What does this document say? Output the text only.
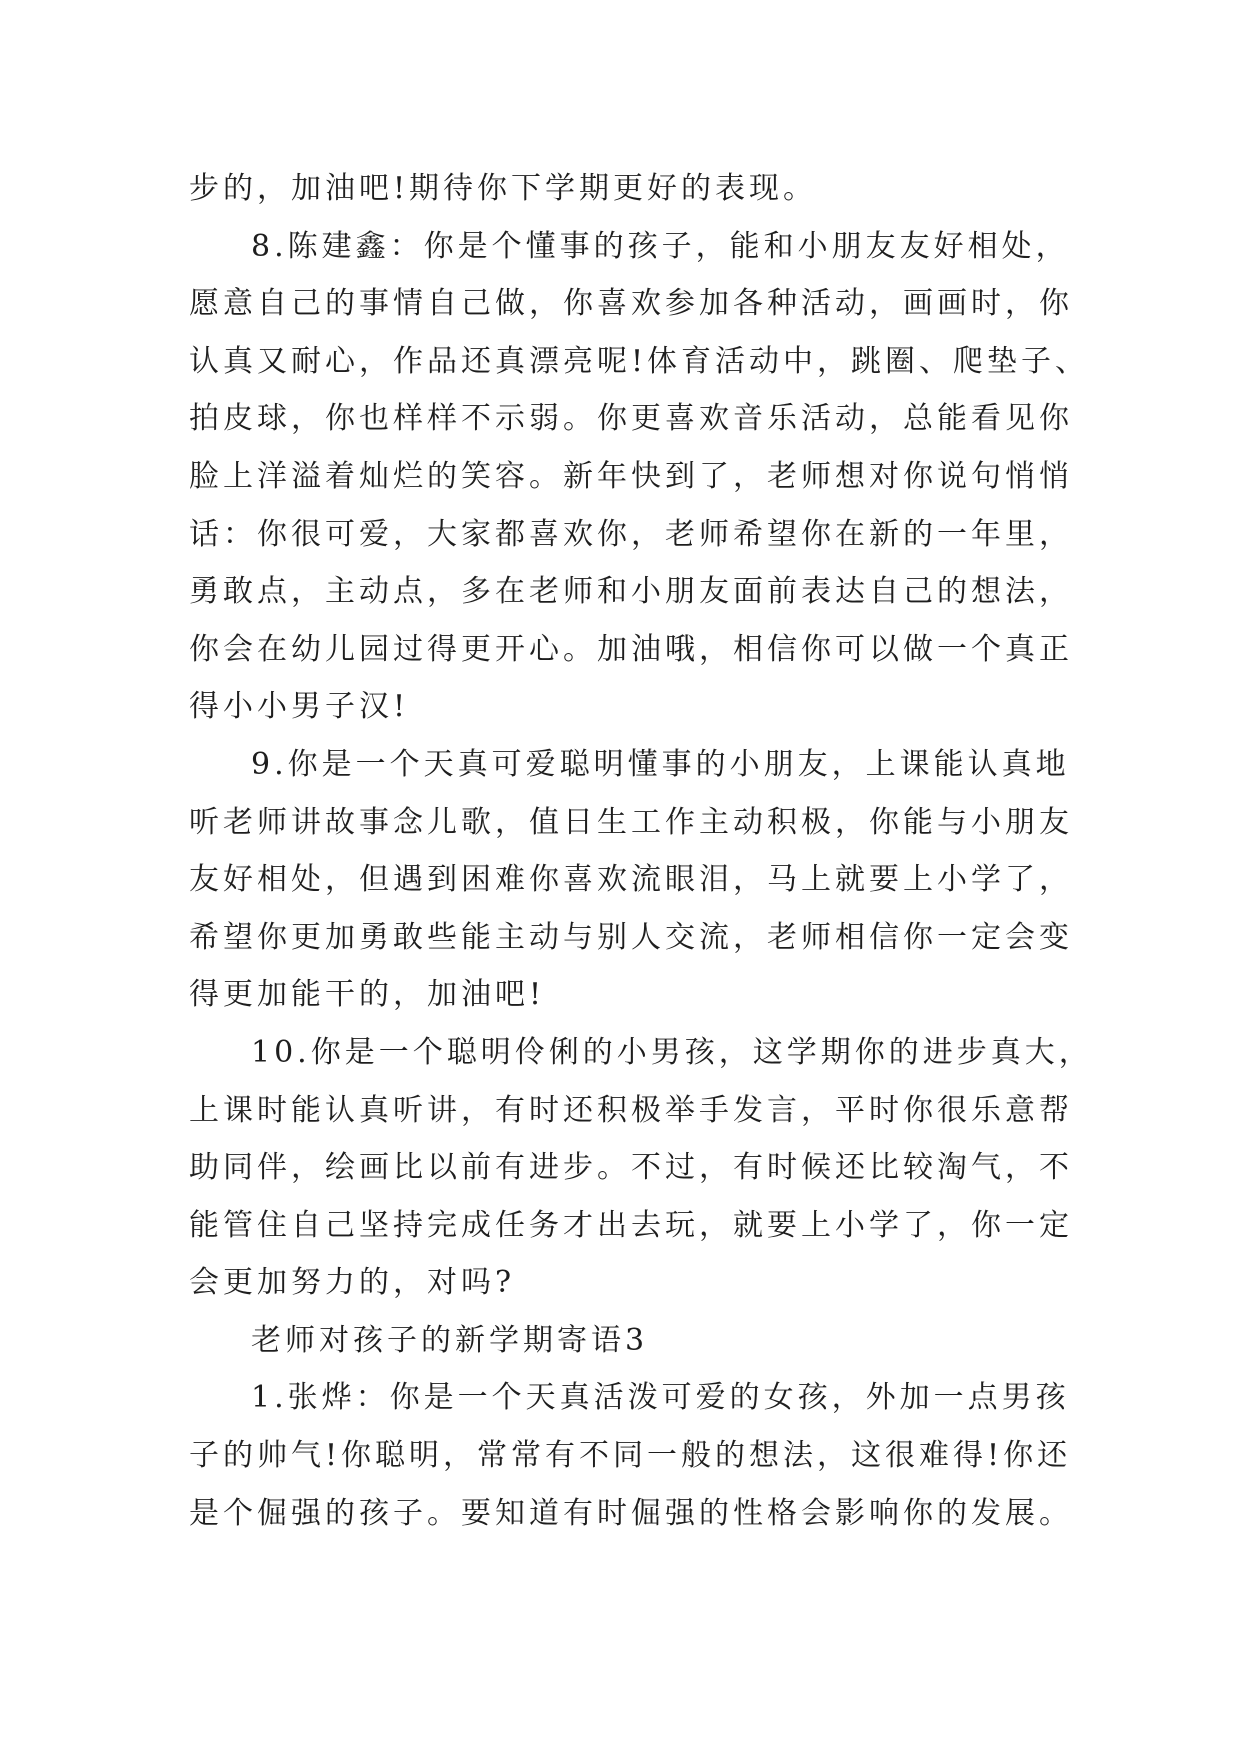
步的，加油吧!期待你下学期更好的表现。
8.陈建鑫：你是个懂事的孩子，能和小朋友友好相处，
愿意自己的事情自己做，你喜欢参加各种活动，画画时，你
认真又耐心，作品还真漂亮呢!体育活动中，跳圈、爬垫子、
拍皮球，你也样样不示弱。你更喜欢音乐活动，总能看见你
脸上洋溢着灿烂的笑容。新年快到了，老师想对你说句悄悄
话：你很可爱，大家都喜欢你，老师希望你在新的一年里，
勇敢点，主动点，多在老师和小朋友面前表达自己的想法，
你会在幼儿园过得更开心。加油哦，相信你可以做一个真正
得小小男子汉!
9.你是一个天真可爱聪明懂事的小朋友，上课能认真地
听老师讲故事念儿歌，值日生工作主动积极，你能与小朋友
友好相处，但遇到困难你喜欢流眼泪，马上就要上小学了，
希望你更加勇敢些能主动与别人交流，老师相信你一定会变
得更加能干的，加油吧!
10.你是一个聪明伶俐的小男孩，这学期你的进步真大，
上课时能认真听讲，有时还积极举手发言，平时你很乐意帮
助同伴，绘画比以前有进步。不过，有时候还比较淘气，不
能管住自己坚持完成任务才出去玩，就要上小学了，你一定
会更加努力的，对吗?
老师对孩子的新学期寄语3
1.张烨：你是一个天真活泼可爱的女孩，外加一点男孩
子的帅气!你聪明，常常有不同一般的想法，这很难得!你还
是个倔强的孩子。要知道有时倔强的性格会影响你的发展。
